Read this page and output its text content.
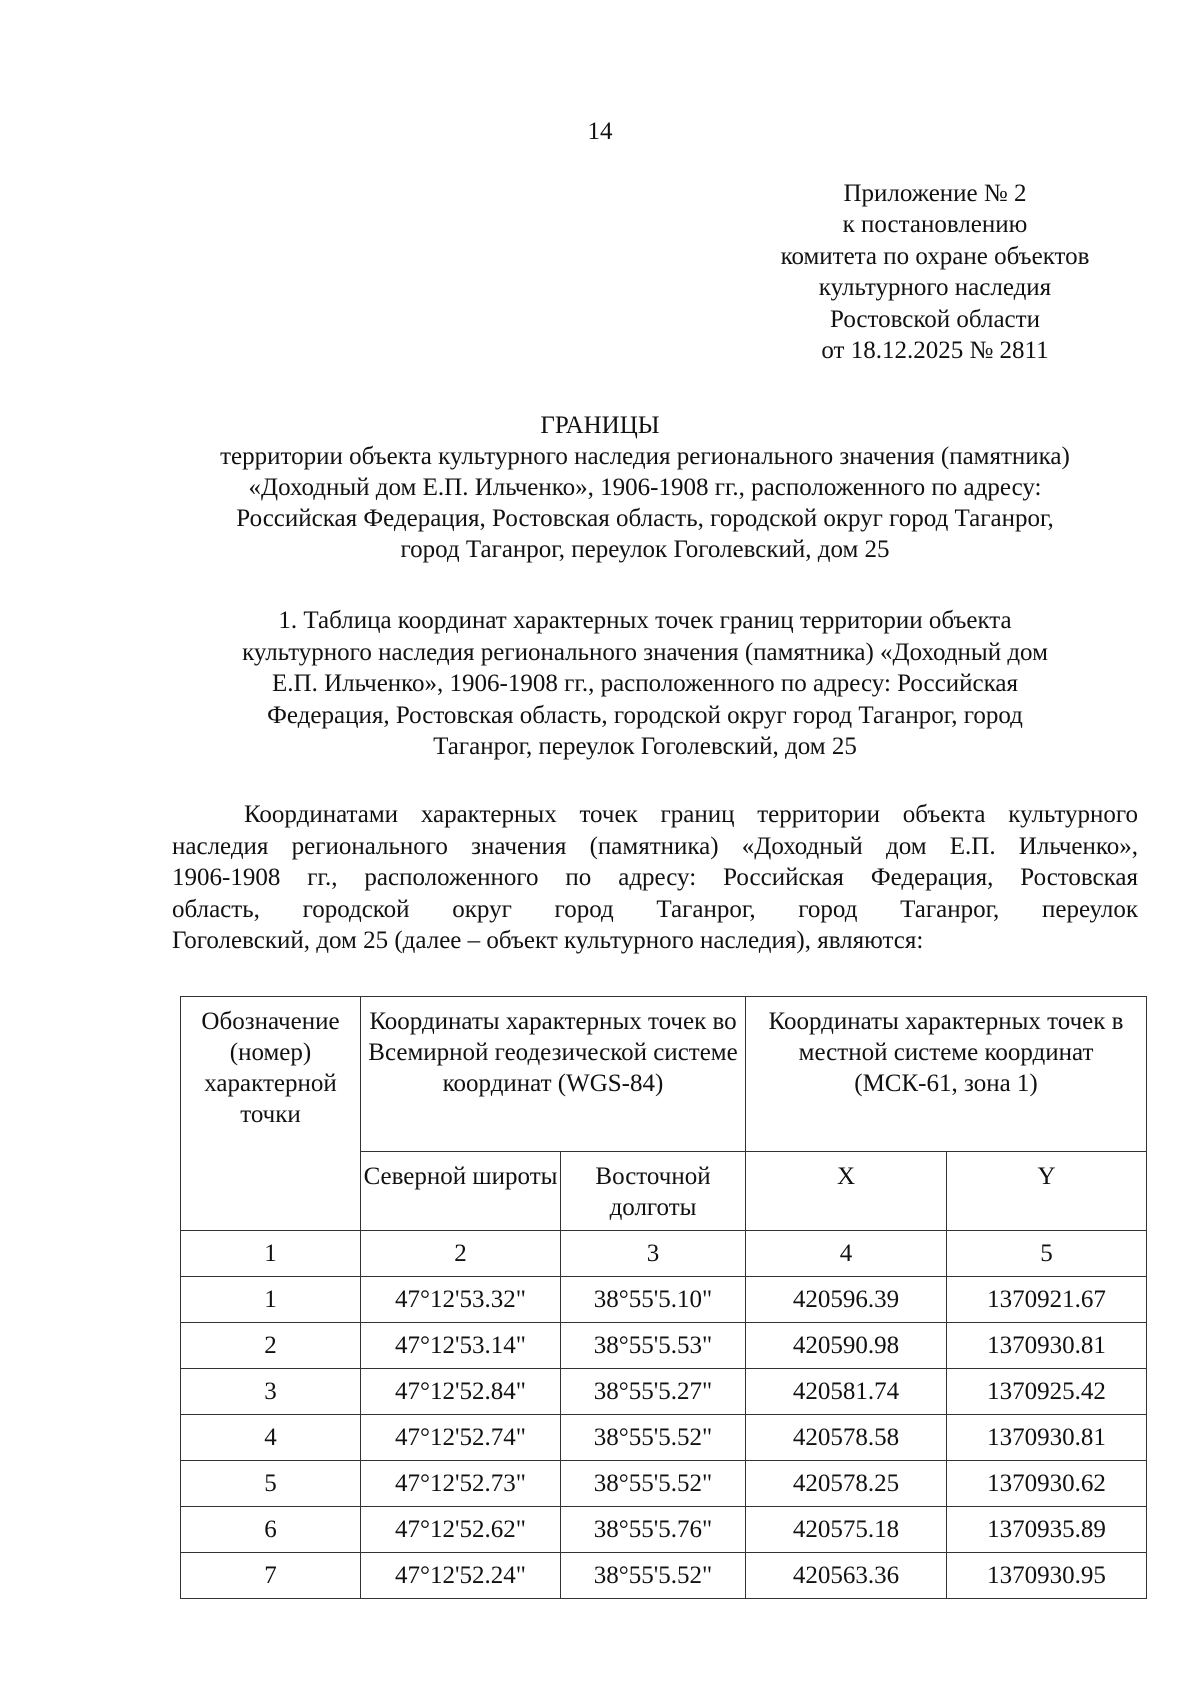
14
Приложение № 2
к постановлению
комитета по охране объектов
культурного наследия
Ростовской области
от 18.12.2025 № 2811
ГРАНИЦЫ
территории объекта культурного наследия регионального значения (памятника)
«Доходный дом Е.П. Ильченко», 1906-1908 гг., расположенного по адресу:
Российская Федерация, Ростовская область, городской округ город Таганрог,
город Таганрог, переулок Гоголевский, дом 25
1. Таблица координат характерных точек границ территории объекта
культурного наследия регионального значения (памятника) «Доходный дом
Е.П. Ильченко», 1906-1908 гг., расположенного по адресу: Российская
Федерация, Ростовская область, городской округ город Таганрог, город
Таганрог, переулок Гоголевский, дом 25
Координатами характерных точек границ территории объекта культурного
наследия регионального значения (памятника) «Доходный дом Е.П. Ильченко»,
1906-1908 гг., расположенного по адресу: Российская Федерация, Ростовская
область, городской округ город Таганрог, город Таганрог, переулок
Гоголевский, дом 25 (далее – объект культурного наследия), являются:
Обозначение (номер) характерной точки	Координаты характерных точек во Всемирной геодезической системе координат (WGS-84)		Координаты характерных точек в местной системе координат (МСК-61, зона 1)	
	Северной широты	Восточной долготы	X	Y
1	2	3	4	5
1	47°12'53.32"	38°55'5.10"	420596.39	1370921.67
2	47°12'53.14"	38°55'5.53"	420590.98	1370930.81
3	47°12'52.84"	38°55'5.27"	420581.74	1370925.42
4	47°12'52.74"	38°55'5.52"	420578.58	1370930.81
5	47°12'52.73"	38°55'5.52"	420578.25	1370930.62
6	47°12'52.62"	38°55'5.76"	420575.18	1370935.89
7	47°12'52.24"	38°55'5.52"	420563.36	1370930.95
